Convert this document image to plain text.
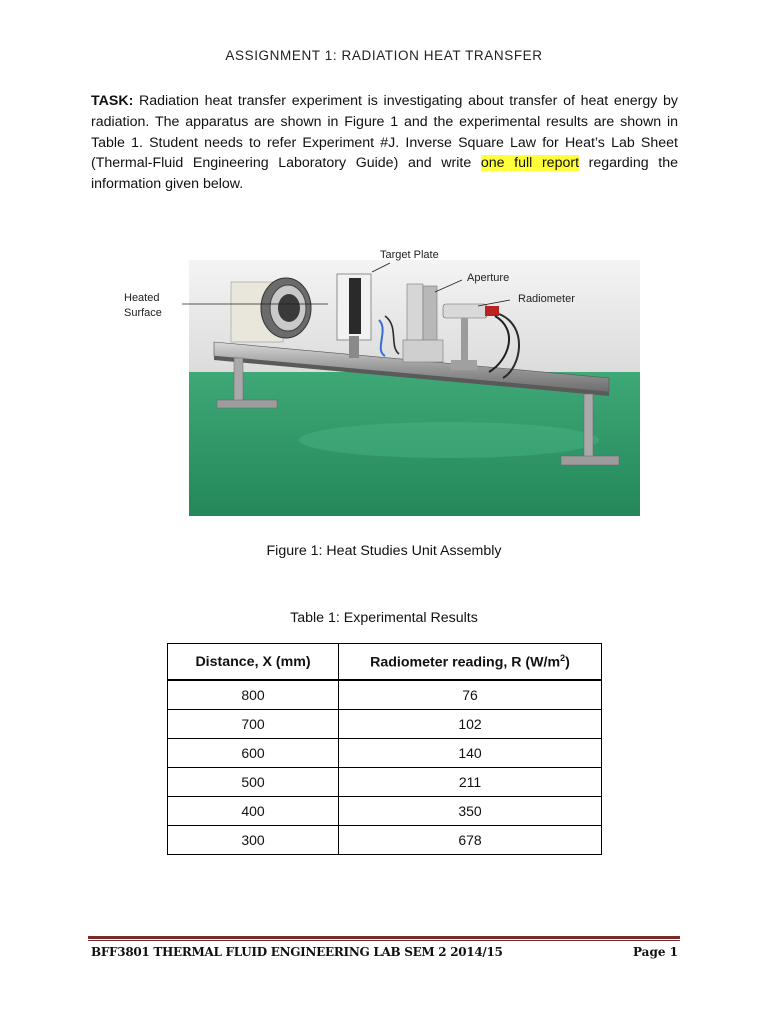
ASSIGNMENT 1: RADIATION HEAT TRANSFER
TASK: Radiation heat transfer experiment is investigating about transfer of heat energy by radiation. The apparatus are shown in Figure 1 and the experimental results are shown in Table 1. Student needs to refer Experiment #J. Inverse Square Law for Heat’s Lab Sheet (Thermal-Fluid Engineering Laboratory Guide) and write one full report regarding the information given below.
Target Plate
Aperture
Radiometer
Heated
Surface
Figure 1: Heat Studies Unit Assembly
Table 1: Experimental Results
Distance, X (mm)	Radiometer reading, R $(W/m^2)$
800	76
700	102
600	140
500	211
400	350
300	678
BFF3801 THERMAL FLUID ENGINEERING LAB SEM 2 2014/15	Page 1
